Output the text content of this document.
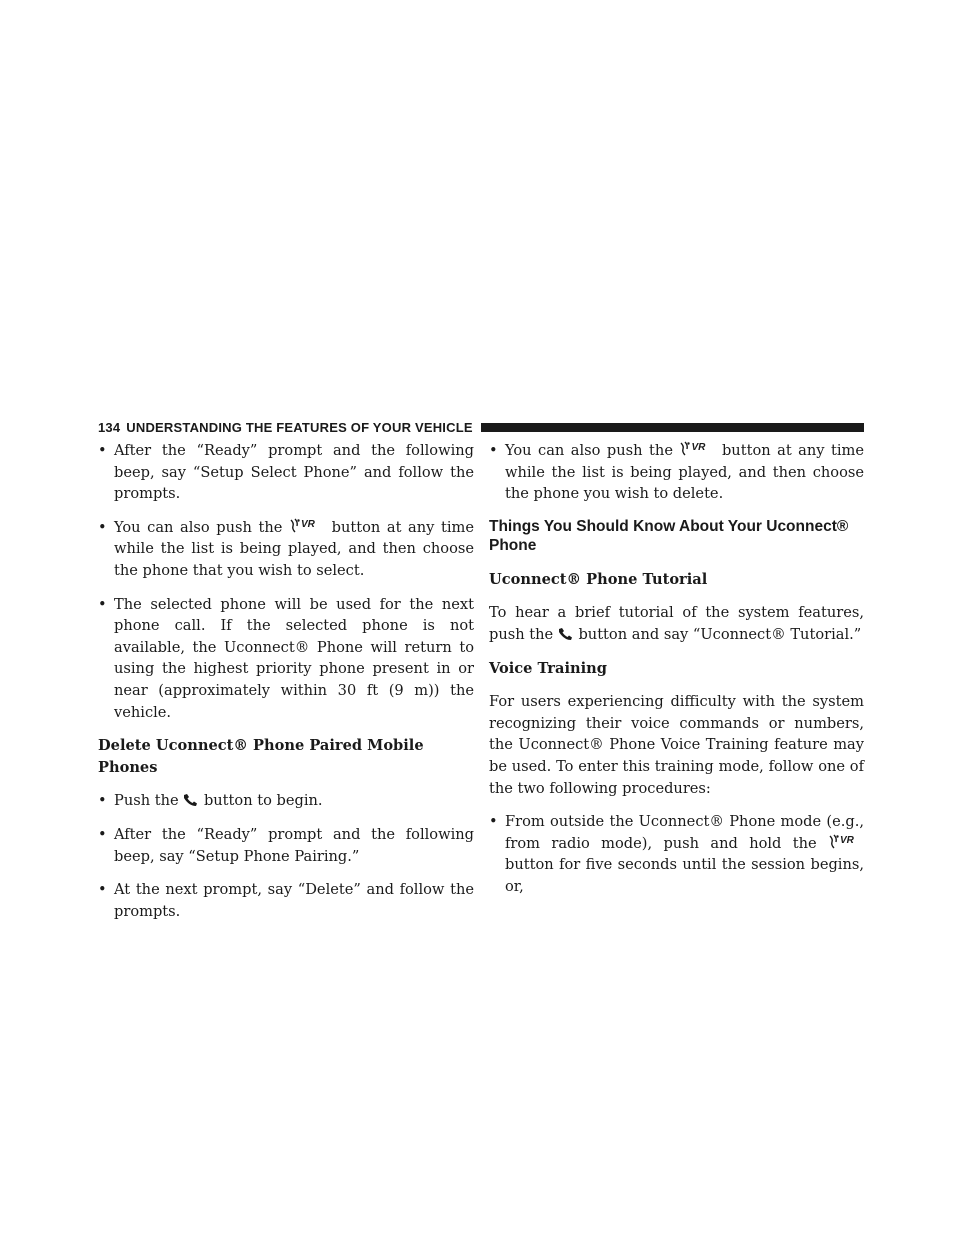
134 UNDERSTANDING THE FEATURES OF YOUR VEHICLE
• After the “Ready” prompt and the following beep, say “Setup Select Phone” and follow the prompts.
• You can also push the VR button at any time while the list is being played, and then choose the phone that you wish to select.
• The selected phone will be used for the next phone call. If the selected phone is not available, the Uconnect® Phone will return to using the highest priority phone present in or near (approximately within 30 ft (9 m)) the vehicle.
Delete Uconnect® Phone Paired Mobile Phones
• Push the button to begin.
• After the “Ready” prompt and the following beep, say “Setup Phone Pairing.”
• At the next prompt, say “Delete” and follow the prompts.
• You can also push the VR button at any time while the list is being played, and then choose the phone you wish to delete.
Things You Should Know About Your Uconnect® Phone
Uconnect® Phone Tutorial
To hear a brief tutorial of the system features, push the button and say “Uconnect® Tutorial.”
Voice Training
For users experiencing difficulty with the system recognizing their voice commands or numbers, the Uconnect® Phone Voice Training feature may be used. To enter this training mode, follow one of the two following procedures:
• From outside the Uconnect® Phone mode (e.g., from radio mode), push and hold the VR
button for five seconds until the session begins, or,
